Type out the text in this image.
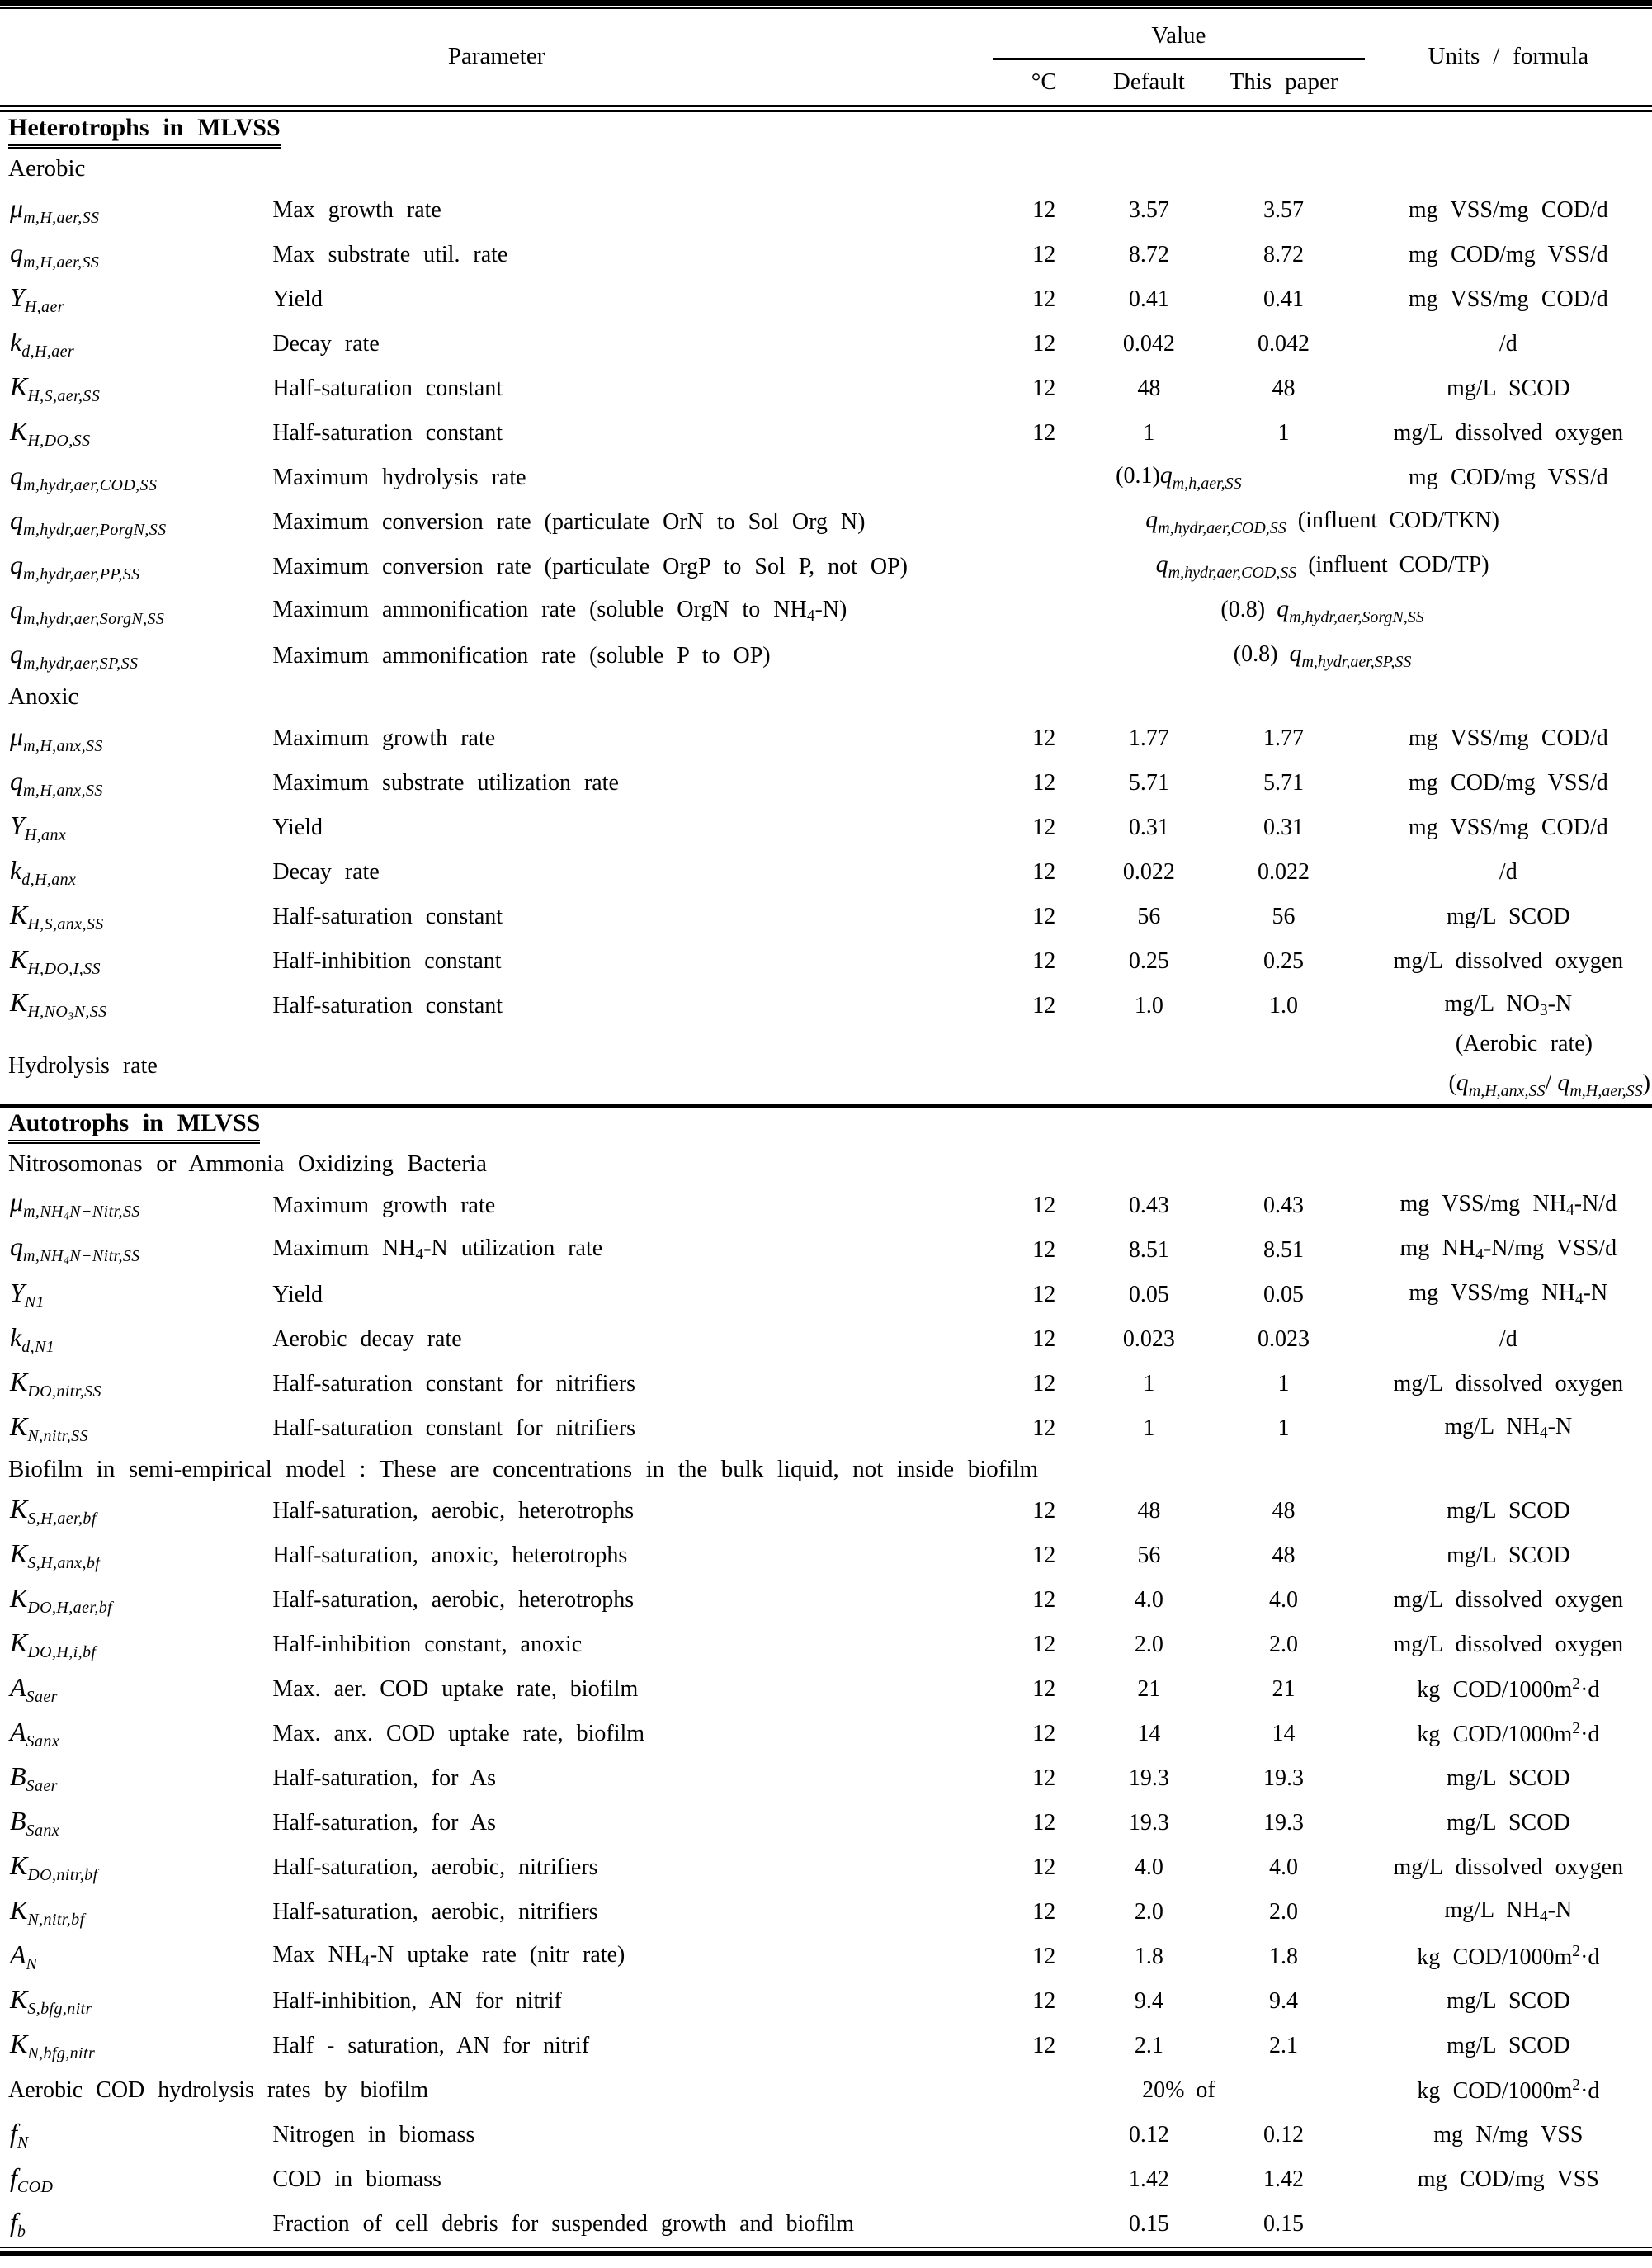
Parameter		Value			Units / formula
		°C	Default	This paper	
Heterotrophs in MLVSS					
Aerobic					
$\mu_{m,H,aer,SS}$	Max growth rate	12	3.57	3.57	mg VSS/mg COD/d
$q_{m,H,aer,SS}$	Max substrate util. rate	12	8.72	8.72	mg COD/mg VSS/d
$Y_{H,aer}$	Yield	12	0.41	0.41	mg VSS/mg COD/d
$k_{d,H,aer}$	Decay rate	12	0.042	0.042	/d
$K_{H,S,aer,SS}$	Half-saturation constant	12	48	48	mg/L SCOD
$K_{H,DO,SS}$	Half-saturation constant	12	1	1	mg/L dissolved oxygen
$q_{m,hydr,aer,COD,SS}$	Maximum hydrolysis rate	$(0.1)q_{m,h,aer,SS}$			mg COD/mg VSS/d
$q_{m,hydr,aer,PorgN,SS}$	Maximum conversion rate (particulate OrN to Sol Org N)	$q_{m,hydr,aer,COD,SS}$ (influent COD/TKN)			
$q_{m,hydr,aer,PP,SS}$	Maximum conversion rate (particulate OrgP to Sol P, not OP)	$q_{m,hydr,aer,COD,SS}$ (influent COD/TP)			
$q_{m,hydr,aer,SorgN,SS}$	Maximum ammonification rate (soluble OrgN to $NH_4-N$)	(0.8) $q_{m,hydr,aer,SorgN,SS}$
$q_{m,hydr,aer,SP,SS}$	Maximum ammonification rate (soluble P to OP)	(0.8) $q_{m,hydr,aer,SP,SS}$
Anoxic					
$\mu_{m,H,anx,SS}$	Maximum growth rate	12	1.77	1.77	mg VSS/mg COD/d
$q_{m,H,anx,SS}$	Maximum substrate utilization rate	12	5.71	5.71	mg COD/mg VSS/d
$Y_{H,anx}$	Yield	12	0.31	0.31	mg VSS/mg COD/d
$k_{d,H,anx}$	Decay rate	12	0.022	0.022	/d
$K_{H,S,anx,SS}$	Half-saturation constant	12	56	56	mg/L SCOD
$K_{H,DO,I,SS}$	Half-inhibition constant	12	0.25	0.25	mg/L dissolved oxygen
$K_{H,NO_3N,SS}$	Half-saturation constant	12	1.0	1.0	mg/L $NO_3-N$
Hydrolysis rate		(Aerobic rate)
($q_{m,H,anx,SS}/$ $q_{m,H,aer,SS}$)			

Autotrophs in MLVSS					
Nitrosomonas or Ammonia Oxidizing Bacteria					
$\mu_{m,NH_4N-Nitr,SS}$	Maximum growth rate	12	0.43	0.43	mg VSS/mg $NH_4-N/d$
$q_{m,NH_4N-Nitr,SS}$	Maximum $NH_4-N$ utilization rate	12	8.51	8.51	mg $NH_4-N/mg$ VSS/d
$Y_{N1}$	Yield	12	0.05	0.05	mg VSS/mg $NH_4-N$
$k_{d,N1}$	Aerobic decay rate	12	0.023	0.023	/d
$K_{DO,nitr,SS}$	Half-saturation constant for nitrifiers	12	1	1	mg/L dissolved oxygen
$K_{N,nitr,SS}$	Half-saturation constant for nitrifiers	12	1	1	mg/L $NH_4-N$
Biofilm in semi-empirical model : These are concentrations in the bulk liquid, not inside biofilm					
$K_{S,H,aer,bf}$	Half-saturation, aerobic, heterotrophs	12	48	48	mg/L SCOD
$K_{S,H,anx,bf}$	Half-saturation, anoxic, heterotrophs	12	56	48	mg/L SCOD
$K_{DO,H,aer,bf}$	Half-saturation, aerobic, heterotrophs	12	4.0	4.0	mg/L dissolved oxygen
$K_{DO,H,i,bf}$	Half-inhibition constant, anoxic	12	2.0	2.0	mg/L dissolved oxygen
$A_{Saer}$	Max. aer. COD uptake rate, biofilm	12	21	21	kg COD/$1000m^2\cdot d$
$A_{Sanx}$	Max. anx. COD uptake rate, biofilm	12	14	14	kg COD/$1000m^2\cdot d$
$B_{Saer}$	Half-saturation, for As	12	19.3	19.3	mg/L SCOD
$B_{Sanx}$	Half-saturation, for As	12	19.3	19.3	mg/L SCOD
$K_{DO,nitr,bf}$	Half-saturation, aerobic, nitrifiers	12	4.0	4.0	mg/L dissolved oxygen
$K_{N,nitr,bf}$	Half-saturation, aerobic, nitrifiers	12	2.0	2.0	mg/L $NH_4-N$
$A_N$	Max $NH_4-N$ uptake rate (nitr rate)	12	1.8	1.8	kg COD/$1000m^2\cdot d$
$K_{S,bfg,nitr}$	Half-inhibition, AN for nitrif	12	9.4	9.4	mg/L SCOD
$K_{N,bfg,nitr}$	Half - saturation, AN for nitrif	12	2.1	2.1	mg/L SCOD
Aerobic COD hydrolysis rates by biofilm		20% of			kg COD/$1000m^2\cdot d$
$f_N$	Nitrogen in biomass		0.12	0.12	mg N/mg VSS
$f_{COD}$	COD in biomass		1.42	1.42	mg COD/mg VSS
$f_b$	Fraction of cell debris for suspended growth and biofilm		0.15	0.15	
